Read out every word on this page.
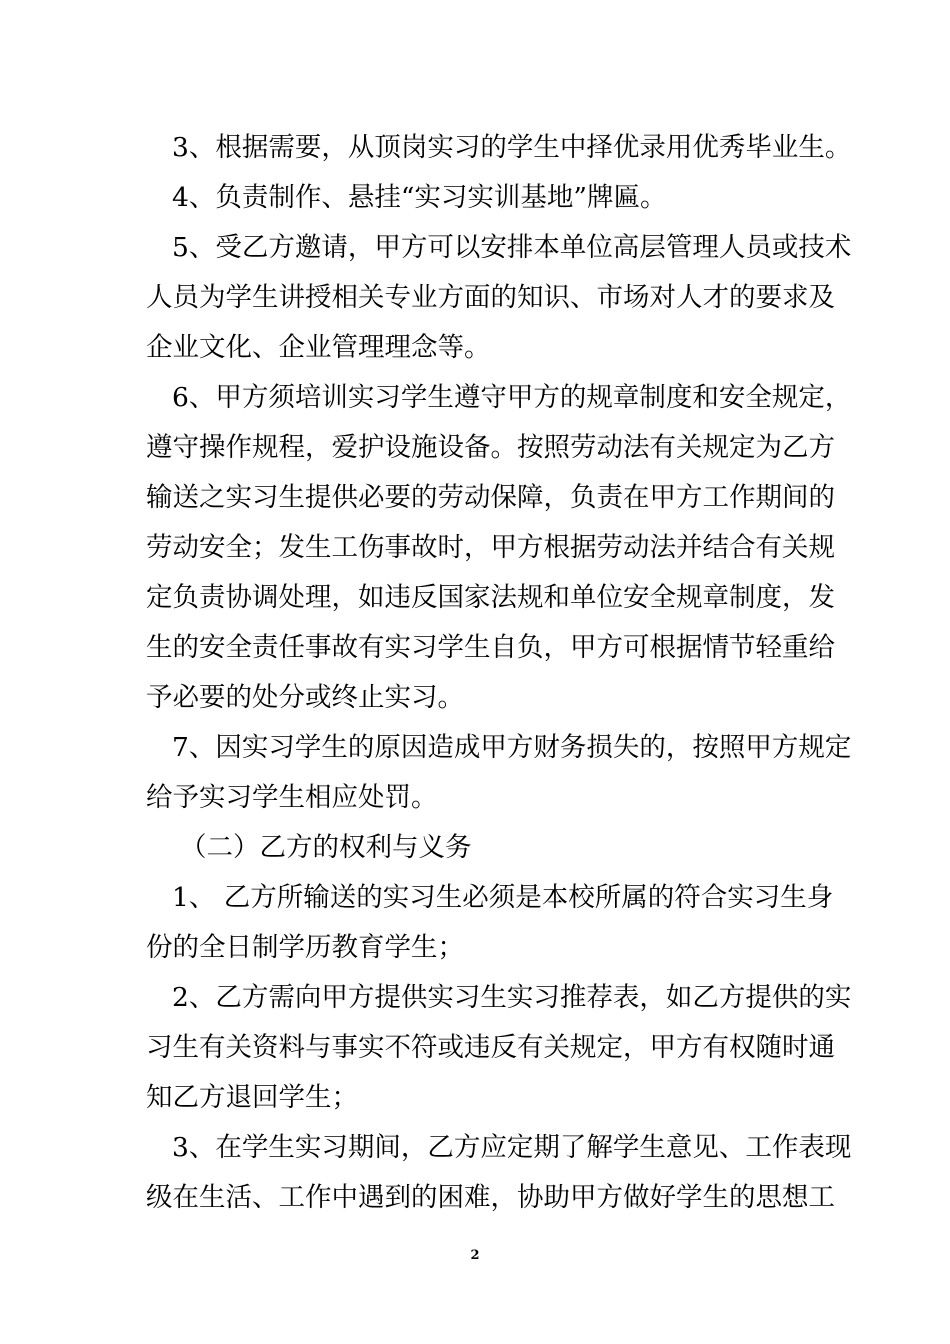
3、根据需要，从顶岗实习的学生中择优录用优秀毕业生。
4、负责制作、悬挂“实习实训基地”牌匾。
5、受乙方邀请，甲方可以安排本单位高层管理人员或技术
人员为学生讲授相关专业方面的知识、市场对人才的要求及
企业文化、企业管理理念等。
6、甲方须培训实习学生遵守甲方的规章制度和安全规定，
遵守操作规程，爱护设施设备。按照劳动法有关规定为乙方
输送之实习生提供必要的劳动保障，负责在甲方工作期间的
劳动安全；发生工伤事故时，甲方根据劳动法并结合有关规
定负责协调处理，如违反国家法规和单位安全规章制度，发
生的安全责任事故有实习学生自负，甲方可根据情节轻重给
予必要的处分或终止实习。
7、因实习学生的原因造成甲方财务损失的，按照甲方规定
给予实习学生相应处罚。
（二）乙方的权利与义务
1、 乙方所输送的实习生必须是本校所属的符合实习生身
份的全日制学历教育学生；
2、乙方需向甲方提供实习生实习推荐表，如乙方提供的实
习生有关资料与事实不符或违反有关规定，甲方有权随时通
知乙方退回学生；
3、在学生实习期间，乙方应定期了解学生意见、工作表现
级在生活、工作中遇到的困难，协助甲方做好学生的思想工
2
